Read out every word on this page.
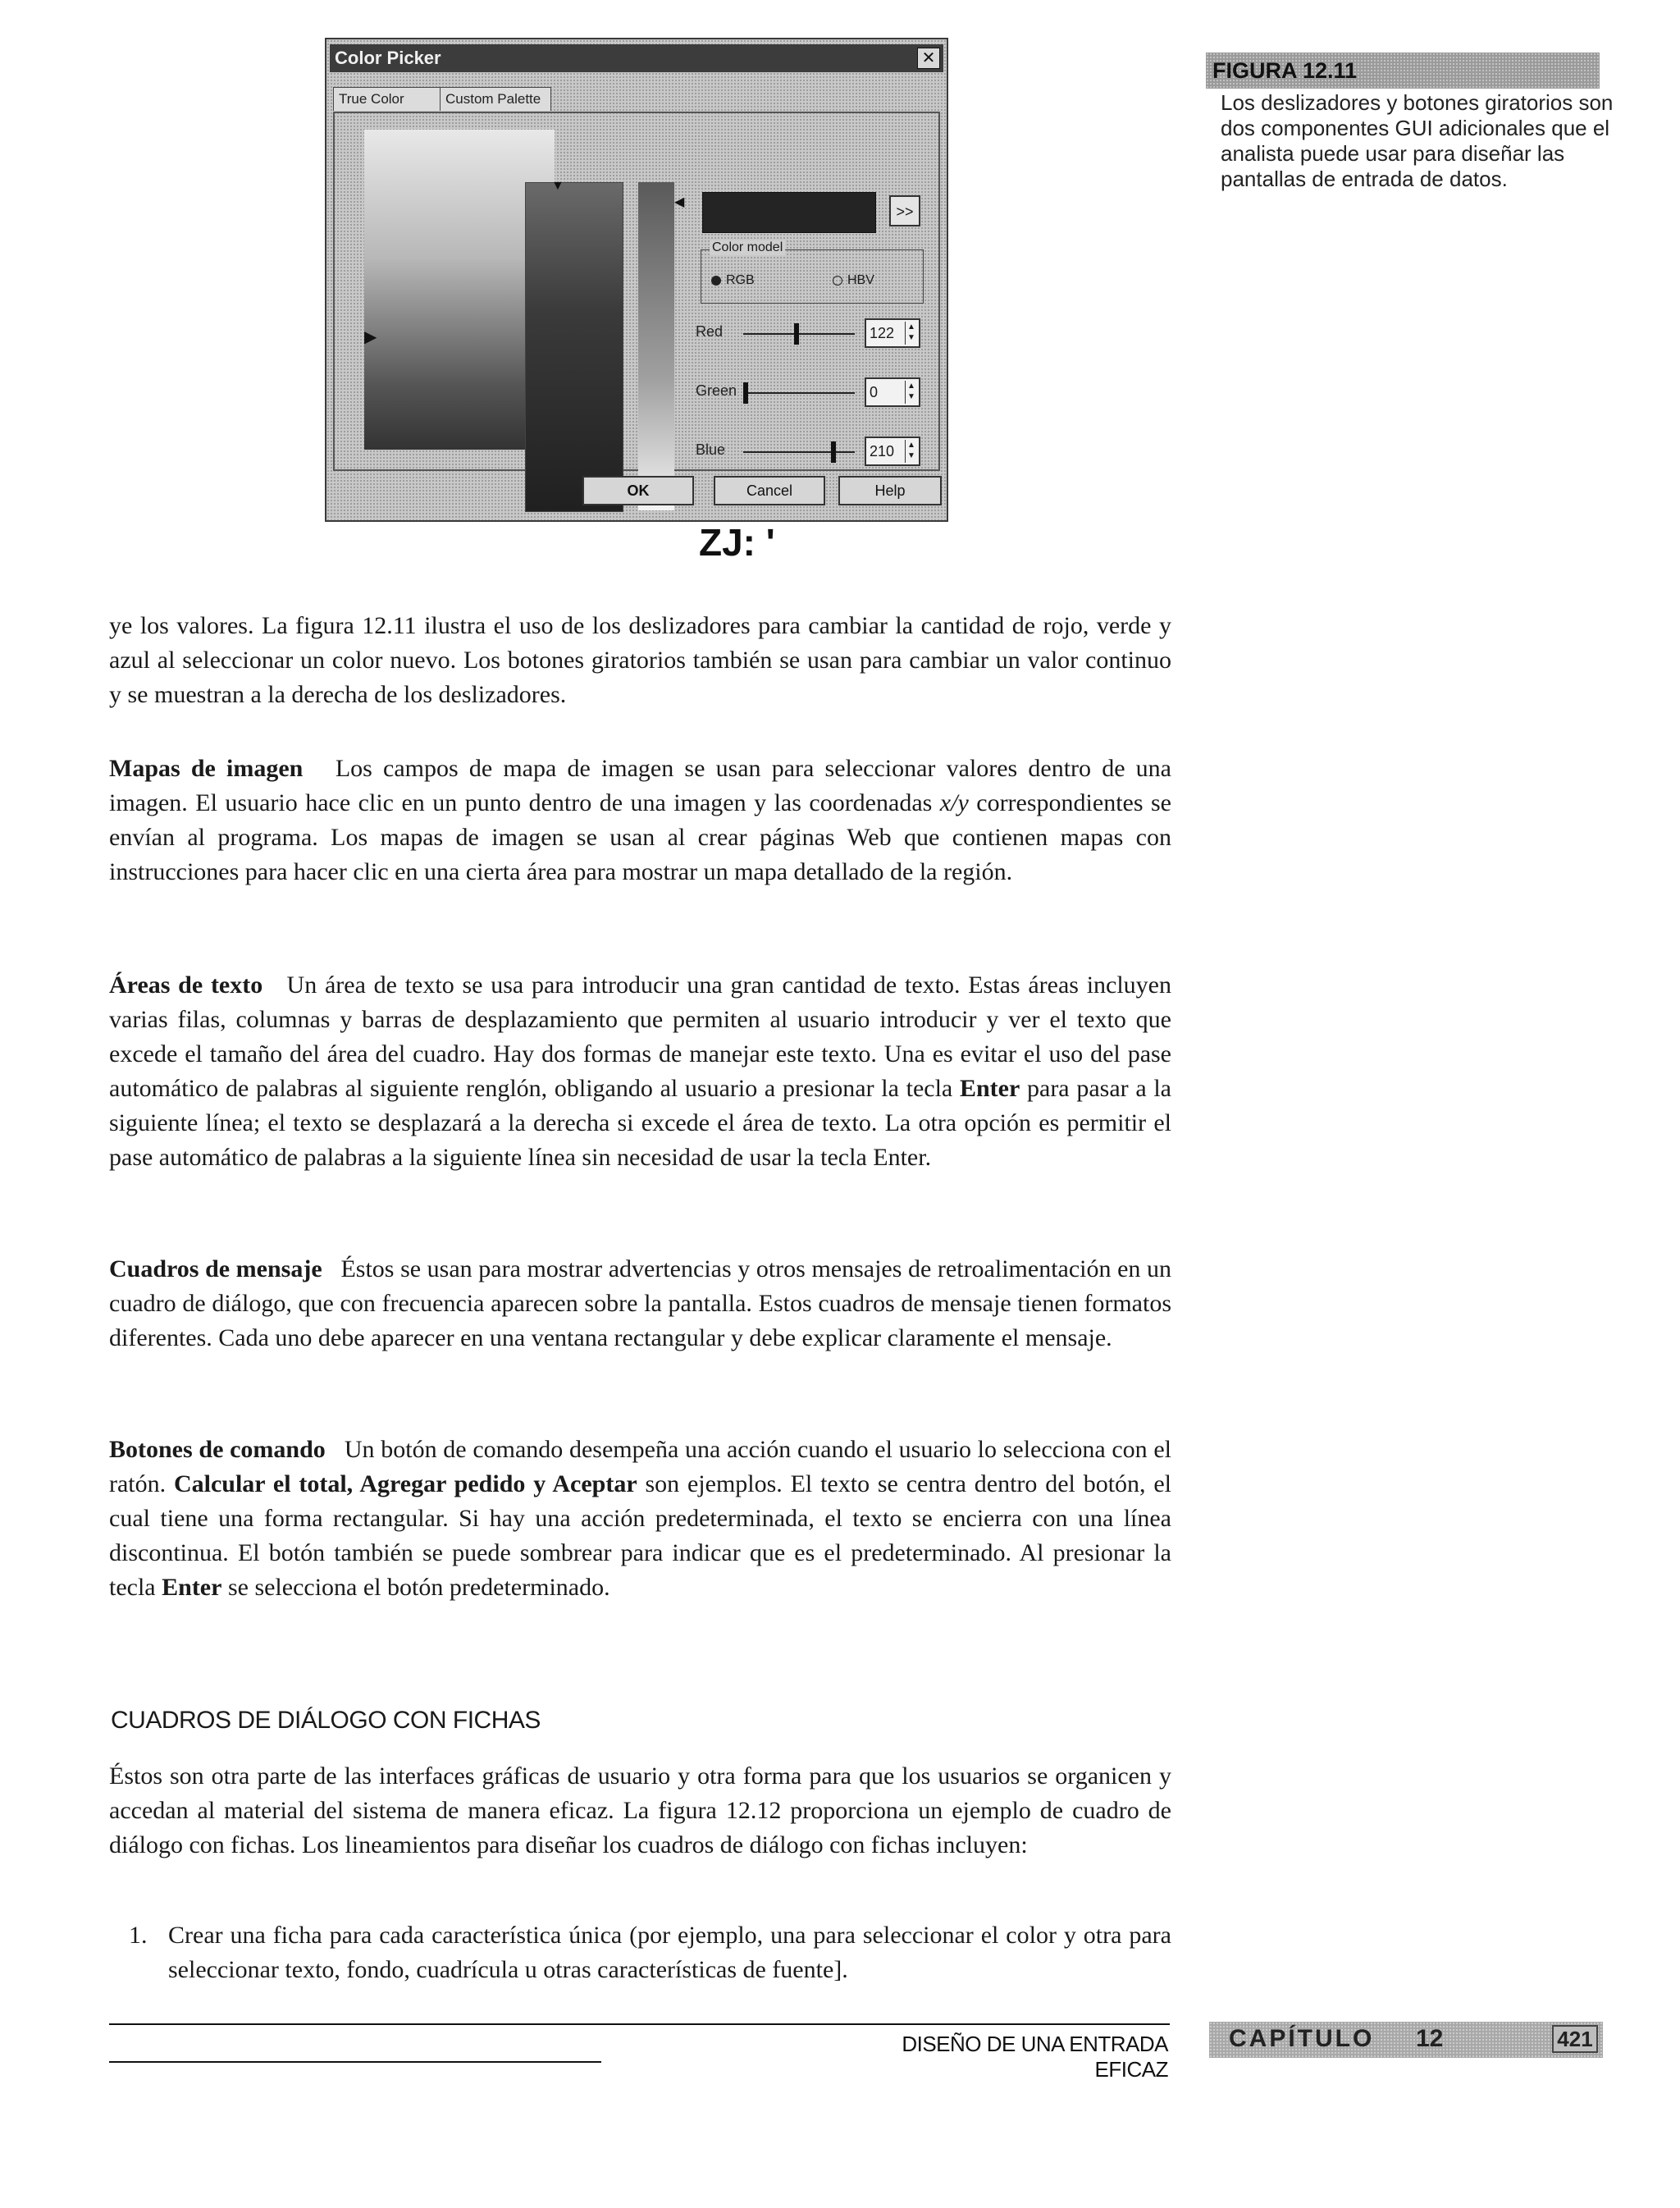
Color Picker	✕
True Color	Custom Palette
▶
▼
◀
>>
Color model
RGB	HBV
Red	122	▲
▼
Green	0	▲
▼
Blue	210	▲
▼
ZJ: '
OK	Cancel	Help
FIGURA 12.11
Los deslizadores y botones giratorios son dos componentes GUI adicionales que el analista puede usar para diseñar las pantallas de entrada de datos.

ye los valores. La figura 12.11 ilustra el uso de los deslizadores para cambiar la cantidad de rojo, verde y azul al seleccionar un color nuevo. Los botones giratorios también se usan para cambiar un valor continuo y se muestran a la derecha de los deslizadores.

Mapas de imagen Los campos de mapa de imagen se usan para seleccionar valores dentro de una imagen. El usuario hace clic en un punto dentro de una imagen y las coordenadas x/y correspondientes se envían al programa. Los mapas de imagen se usan al crear páginas Web que contienen mapas con instrucciones para hacer clic en una cierta área para mostrar un mapa detallado de la región.

Áreas de texto Un área de texto se usa para introducir una gran cantidad de texto. Estas áreas incluyen varias filas, columnas y barras de desplazamiento que permiten al usuario introducir y ver el texto que excede el tamaño del área del cuadro. Hay dos formas de manejar este texto. Una es evitar el uso del pase automático de palabras al siguiente renglón, obligando al usuario a presionar la tecla Enter para pasar a la siguiente línea; el texto se desplazará a la derecha si excede el área de texto. La otra opción es permitir el pase automático de palabras a la siguiente línea sin necesidad de usar la tecla Enter.

Cuadros de mensaje Éstos se usan para mostrar advertencias y otros mensajes de retroalimentación en un cuadro de diálogo, que con frecuencia aparecen sobre la pantalla. Estos cuadros de mensaje tienen formatos diferentes. Cada uno debe aparecer en una ventana rectangular y debe explicar claramente el mensaje.

Botones de comando Un botón de comando desempeña una acción cuando el usuario lo selecciona con el ratón. Calcular el total, Agregar pedido y Aceptar son ejemplos. El texto se centra dentro del botón, el cual tiene una forma rectangular. Si hay una acción predeterminada, el texto se encierra con una línea discontinua. El botón también se puede sombrear para indicar que es el predeterminado. Al presionar la tecla Enter se selecciona el botón predeterminado.

CUADROS DE DIÁLOGO CON FICHAS

Éstos son otra parte de las interfaces gráficas de usuario y otra forma para que los usuarios se organicen y accedan al material del sistema de manera eficaz. La figura 12.12 proporciona un ejemplo de cuadro de diálogo con fichas. Los lineamientos para diseñar los cuadros de diálogo con fichas incluyen:

1. Crear una ficha para cada característica única (por ejemplo, una para seleccionar el color y otra para seleccionar texto, fondo, cuadrícula u otras características de fuente].
DISEÑO DE UNA ENTRADA EFICAZ
CAPÍTULO 12	421
